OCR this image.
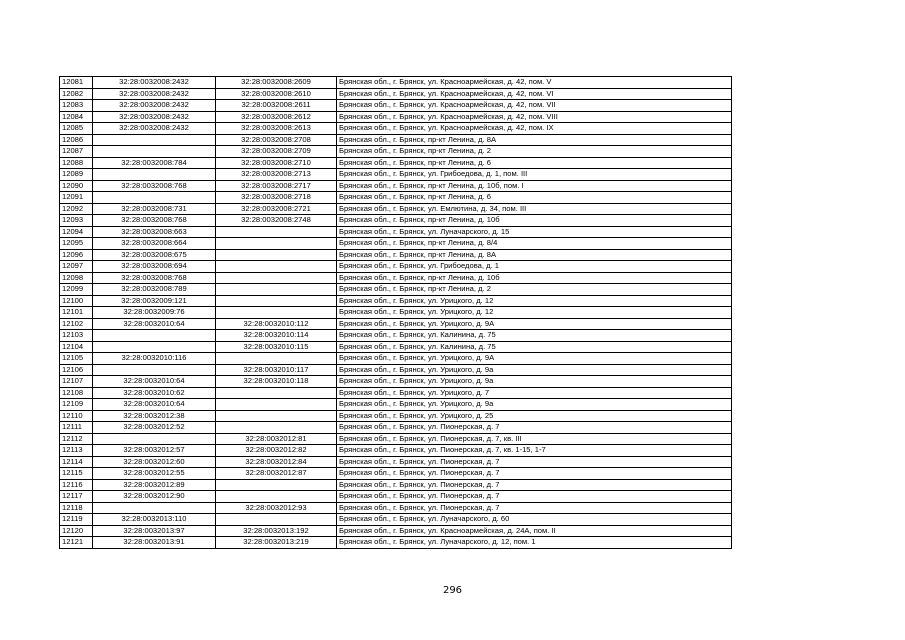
12081	32:28:0032008:2432	32:28:0032008:2609	Брянская обл., г. Брянск, ул. Красноармейская, д. 42, пом. V
12082	32:28:0032008:2432	32:28:0032008:2610	Брянская обл., г. Брянск, ул. Красноармейская, д. 42, пом. VI
12083	32:28:0032008:2432	32:28:0032008:2611	Брянская обл., г. Брянск, ул. Красноармейская, д. 42, пом. VII
12084	32:28:0032008:2432	32:28:0032008:2612	Брянская обл., г. Брянск, ул. Красноармейская, д. 42, пом. VIII
12085	32:28:0032008:2432	32:28:0032008:2613	Брянская обл., г. Брянск, ул. Красноармейская, д. 42, пом. IX
12086		32:28:0032008:2708	Брянская обл., г. Брянск, пр-кт Ленина, д. 8А
12087		32:28:0032008:2709	Брянская обл., г. Брянск, пр-кт Ленина, д. 2
12088	32:28:0032008:784	32:28:0032008:2710	Брянская обл., г. Брянск, пр-кт Ленина, д. 6
12089		32:28:0032008:2713	Брянская обл., г. Брянск, ул. Грибоедова, д. 1, пом. III
12090	32:28:0032008:768	32:28:0032008:2717	Брянская обл., г. Брянск, пр-кт Ленина, д. 10б, пом. I
12091		32:28:0032008:2718	Брянская обл., г. Брянск, пр-кт Ленина, д. 6
12092	32:28:0032008:731	32:28:0032008:2721	Брянская обл., г. Брянск, ул. Емлютина, д. 34, пом. III
12093	32:28:0032008:768	32:28:0032008:2748	Брянская обл., г. Брянск, пр-кт Ленина, д. 10б
12094	32:28:0032008:663		Брянская обл., г. Брянск, ул. Луначарского, д. 15
12095	32:28:0032008:664		Брянская обл., г. Брянск, пр-кт Ленина, д. 8/4
12096	32:28:0032008:675		Брянская обл., г. Брянск, пр-кт Ленина, д. 8А
12097	32:28:0032008:694		Брянская обл., г. Брянск, ул. Грибоедова, д. 1
12098	32:28:0032008:768		Брянская обл., г. Брянск, пр-кт Ленина, д. 10б
12099	32:28:0032008:789		Брянская обл., г. Брянск, пр-кт Ленина, д. 2
12100	32:28:0032009:121		Брянская обл., г. Брянск, ул. Урицкого, д. 12
12101	32:28:0032009:76		Брянская обл., г. Брянск, ул. Урицкого, д. 12
12102	32:28:0032010:64	32:28:0032010:112	Брянская обл., г. Брянск, ул. Урицкого, д. 9А
12103		32:28:0032010:114	Брянская обл., г. Брянск, ул. Калинина, д. 75
12104		32:28:0032010:115	Брянская обл., г. Брянск, ул. Калинина, д. 75
12105	32:28:0032010:116		Брянская обл., г. Брянск, ул. Урицкого, д. 9А
12106		32:28:0032010:117	Брянская обл., г. Брянск, ул. Урицкого, д. 9а
12107	32:28:0032010:64	32:28:0032010:118	Брянская обл., г. Брянск, ул. Урицкого, д. 9а
12108	32:28:0032010:62		Брянская обл., г. Брянск, ул. Урицкого, д. 7
12109	32:28:0032010:64		Брянская обл., г. Брянск, ул. Урицкого, д. 9а
12110	32:28:0032012:38		Брянская обл., г. Брянск, ул. Урицкого, д. 25
12111	32:28:0032012:52		Брянская обл., г. Брянск, ул. Пионерская, д. 7
12112		32:28:0032012:81	Брянская обл., г. Брянск, ул. Пионерская, д. 7, кв. III
12113	32:28:0032012:57	32:28:0032012:82	Брянская обл., г. Брянск, ул. Пионерская, д. 7, кв. 1-15, 1-7
12114	32:28:0032012:60	32:28:0032012:84	Брянская обл., г. Брянск, ул. Пионерская, д. 7
12115	32:28:0032012:55	32:28:0032012:87	Брянская обл., г. Брянск, ул. Пионерская, д. 7
12116	32:28:0032012:89		Брянская обл., г. Брянск, ул. Пионерская, д. 7
12117	32:28:0032012:90		Брянская обл., г. Брянск, ул. Пионерская, д. 7
12118		32:28:0032012:93	Брянская обл., г. Брянск, ул. Пионерская, д. 7
12119	32:28:0032013:110		Брянская обл., г. Брянск, ул. Луначарского, д. 60
12120	32:28:0032013:97	32:28:0032013:192	Брянская обл., г. Брянск, ул. Красноармейская, д. 24А, пом. II
12121	32:28:0032013:91	32:28:0032013:219	Брянская обл., г. Брянск, ул. Луначарского, д. 12, пом. 1
296
